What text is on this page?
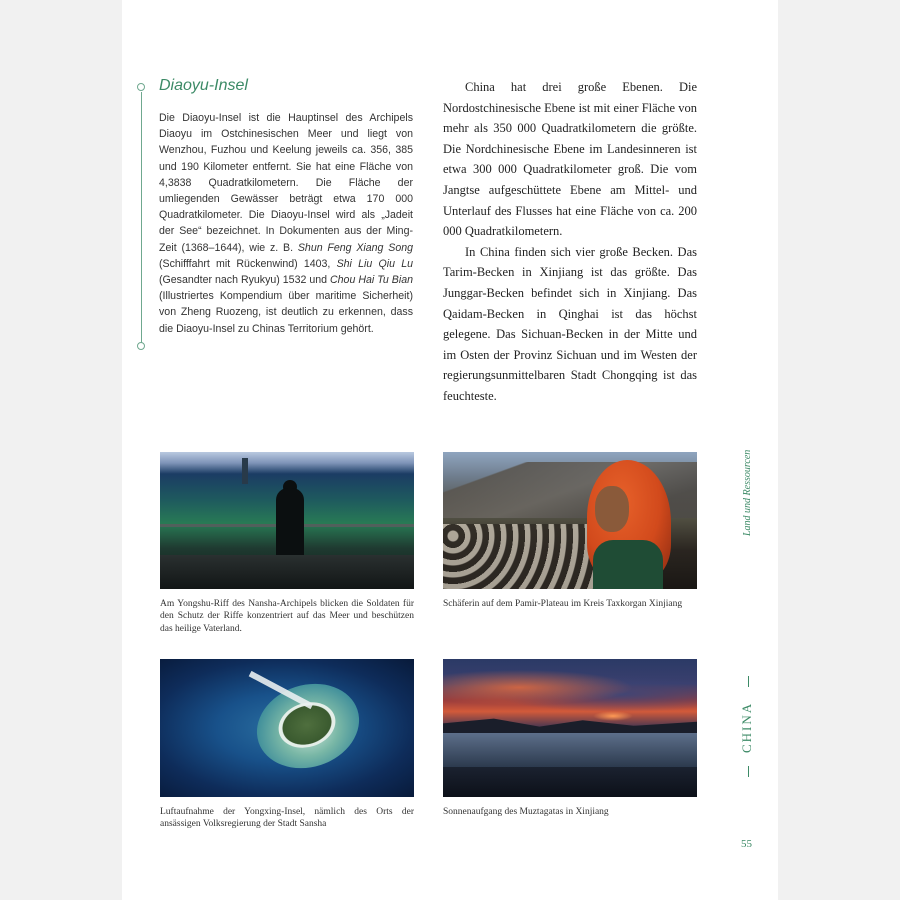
Diaoyu-Insel

Die Diaoyu-Insel ist die Hauptinsel des Archipels Diaoyu im Ostchinesischen Meer und liegt von Wenzhou, Fuzhou und Keelung jeweils ca. 356, 385 und 190 Kilometer entfernt. Sie hat eine Fläche von 4,3838 Quadratkilometern. Die Fläche der umliegenden Gewässer beträgt etwa 170 000 Quadratkilometer. Die Diaoyu-Insel wird als „Jadeit der See“ bezeichnet. In Dokumenten aus der Ming-Zeit (1368–1644), wie z. B. Shun Feng Xiang Song (Schifffahrt mit Rückenwind) 1403, Shi Liu Qiu Lu (Gesandter nach Ryukyu) 1532 und Chou Hai Tu Bian (Illustriertes Kompendium über maritime Sicherheit) von Zheng Ruozeng, ist deutlich zu erkennen, dass die Diaoyu-Insel zu Chinas Territorium gehört.

China hat drei große Ebenen. Die Nordostchinesische Ebene ist mit einer Fläche von mehr als 350 000 Quadratkilometern die größte. Die Nordchinesische Ebene im Landesinneren ist etwa 300 000 Quadratkilometer groß. Die vom Jangtse aufgeschüttete Ebene am Mittel- und Unterlauf des Flusses hat eine Fläche von ca. 200 000 Quadratkilometern.

In China finden sich vier große Becken. Das Tarim-Becken in Xinjiang ist das größte. Das Junggar-Becken befindet sich in Xinjiang. Das Qaidam-Becken in Qinghai ist das höchst gelegene. Das Sichuan-Becken in der Mitte und im Osten der Provinz Sichuan und im Westen der regierungsunmittelbaren Stadt Chongqing ist das feuchteste.

Am Yongshu-Riff des Nansha-Archipels blicken die Soldaten für den Schutz der Riffe konzentriert auf das Meer und beschützen das heilige Vaterland.

Schäferin auf dem Pamir-Plateau im Kreis Taxkorgan Xinjiang

Luftaufnahme der Yongxing-Insel, nämlich des Orts der ansässigen Volksregierung der Stadt Sansha

Sonnenaufgang des Muztagatas in Xinjiang

Land und Ressourcen
CHINA
55
